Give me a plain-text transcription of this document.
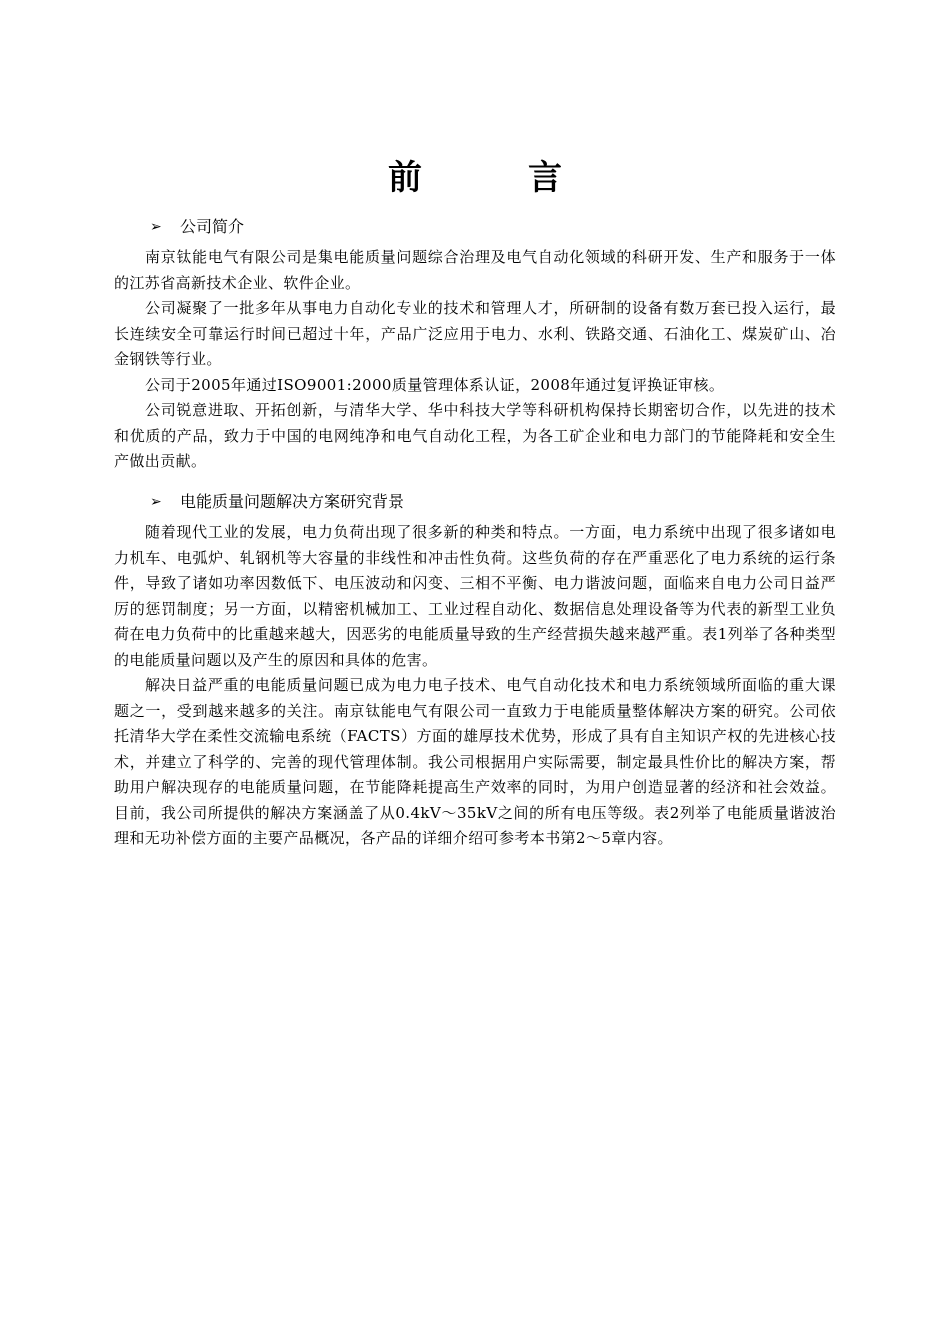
前　言
➢	公司简介

南京钛能电气有限公司是集电能质量问题综合治理及电气自动化领域的科研开发、生产和服务于一体的江苏省高新技术企业、软件企业。

公司凝聚了一批多年从事电力自动化专业的技术和管理人才，所研制的设备有数万套已投入运行，最长连续安全可靠运行时间已超过十年，产品广泛应用于电力、水利、铁路交通、石油化工、煤炭矿山、冶金钢铁等行业。

公司于2005年通过ISO9001:2000质量管理体系认证，2008年通过复评换证审核。

公司锐意进取、开拓创新，与清华大学、华中科技大学等科研机构保持长期密切合作，以先进的技术和优质的产品，致力于中国的电网纯净和电气自动化工程，为各工矿企业和电力部门的节能降耗和安全生产做出贡献。

➢	电能质量问题解决方案研究背景

随着现代工业的发展，电力负荷出现了很多新的种类和特点。一方面，电力系统中出现了很多诸如电力机车、电弧炉、轧钢机等大容量的非线性和冲击性负荷。这些负荷的存在严重恶化了电力系统的运行条件，导致了诸如功率因数低下、电压波动和闪变、三相不平衡、电力谐波问题，面临来自电力公司日益严厉的惩罚制度；另一方面，以精密机械加工、工业过程自动化、数据信息处理设备等为代表的新型工业负荷在电力负荷中的比重越来越大，因恶劣的电能质量导致的生产经营损失越来越严重。表1列举了各种类型的电能质量问题以及产生的原因和具体的危害。

解决日益严重的电能质量问题已成为电力电子技术、电气自动化技术和电力系统领域所面临的重大课题之一，受到越来越多的关注。南京钛能电气有限公司一直致力于电能质量整体解决方案的研究。公司依托清华大学在柔性交流输电系统（FACTS）方面的雄厚技术优势，形成了具有自主知识产权的先进核心技术，并建立了科学的、完善的现代管理体制。我公司根据用户实际需要，制定最具性价比的解决方案，帮助用户解决现存的电能质量问题，在节能降耗提高生产效率的同时，为用户创造显著的经济和社会效益。目前，我公司所提供的解决方案涵盖了从0.4kV～35kV之间的所有电压等级。表2列举了电能质量谐波治理和无功补偿方面的主要产品概况，各产品的详细介绍可参考本书第2～5章内容。
